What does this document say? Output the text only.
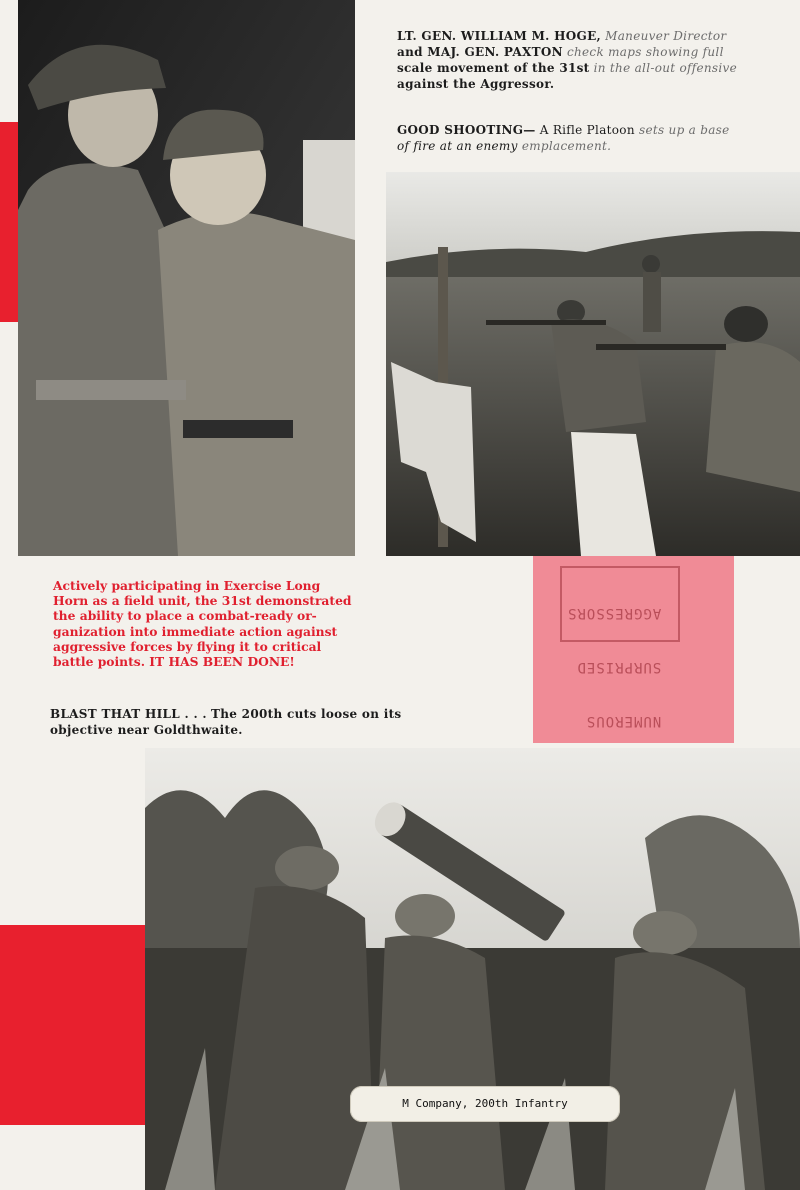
NUMEROUS

SURPRISED

AGGRESSORS

LT. GEN. WILLIAM M. HOGE, Maneuver Director
and MAJ. GEN. PAXTON check maps showing full
scale movement of the 31st in the all-out offensive
against the Aggressor.
GOOD SHOOTING— A Rifle Platoon sets up a base
of fire at an enemy emplacement.
Actively participating in Exercise Long
Horn as a field unit, the 31st demonstrated
the ability to place a combat-ready or-
ganization into immediate action against
aggressive forces by flying it to critical
battle points. IT HAS BEEN DONE!
BLAST THAT HILL . . . The 200th cuts loose on its
objective near Goldthwaite.
M Company, 200th Infantry
